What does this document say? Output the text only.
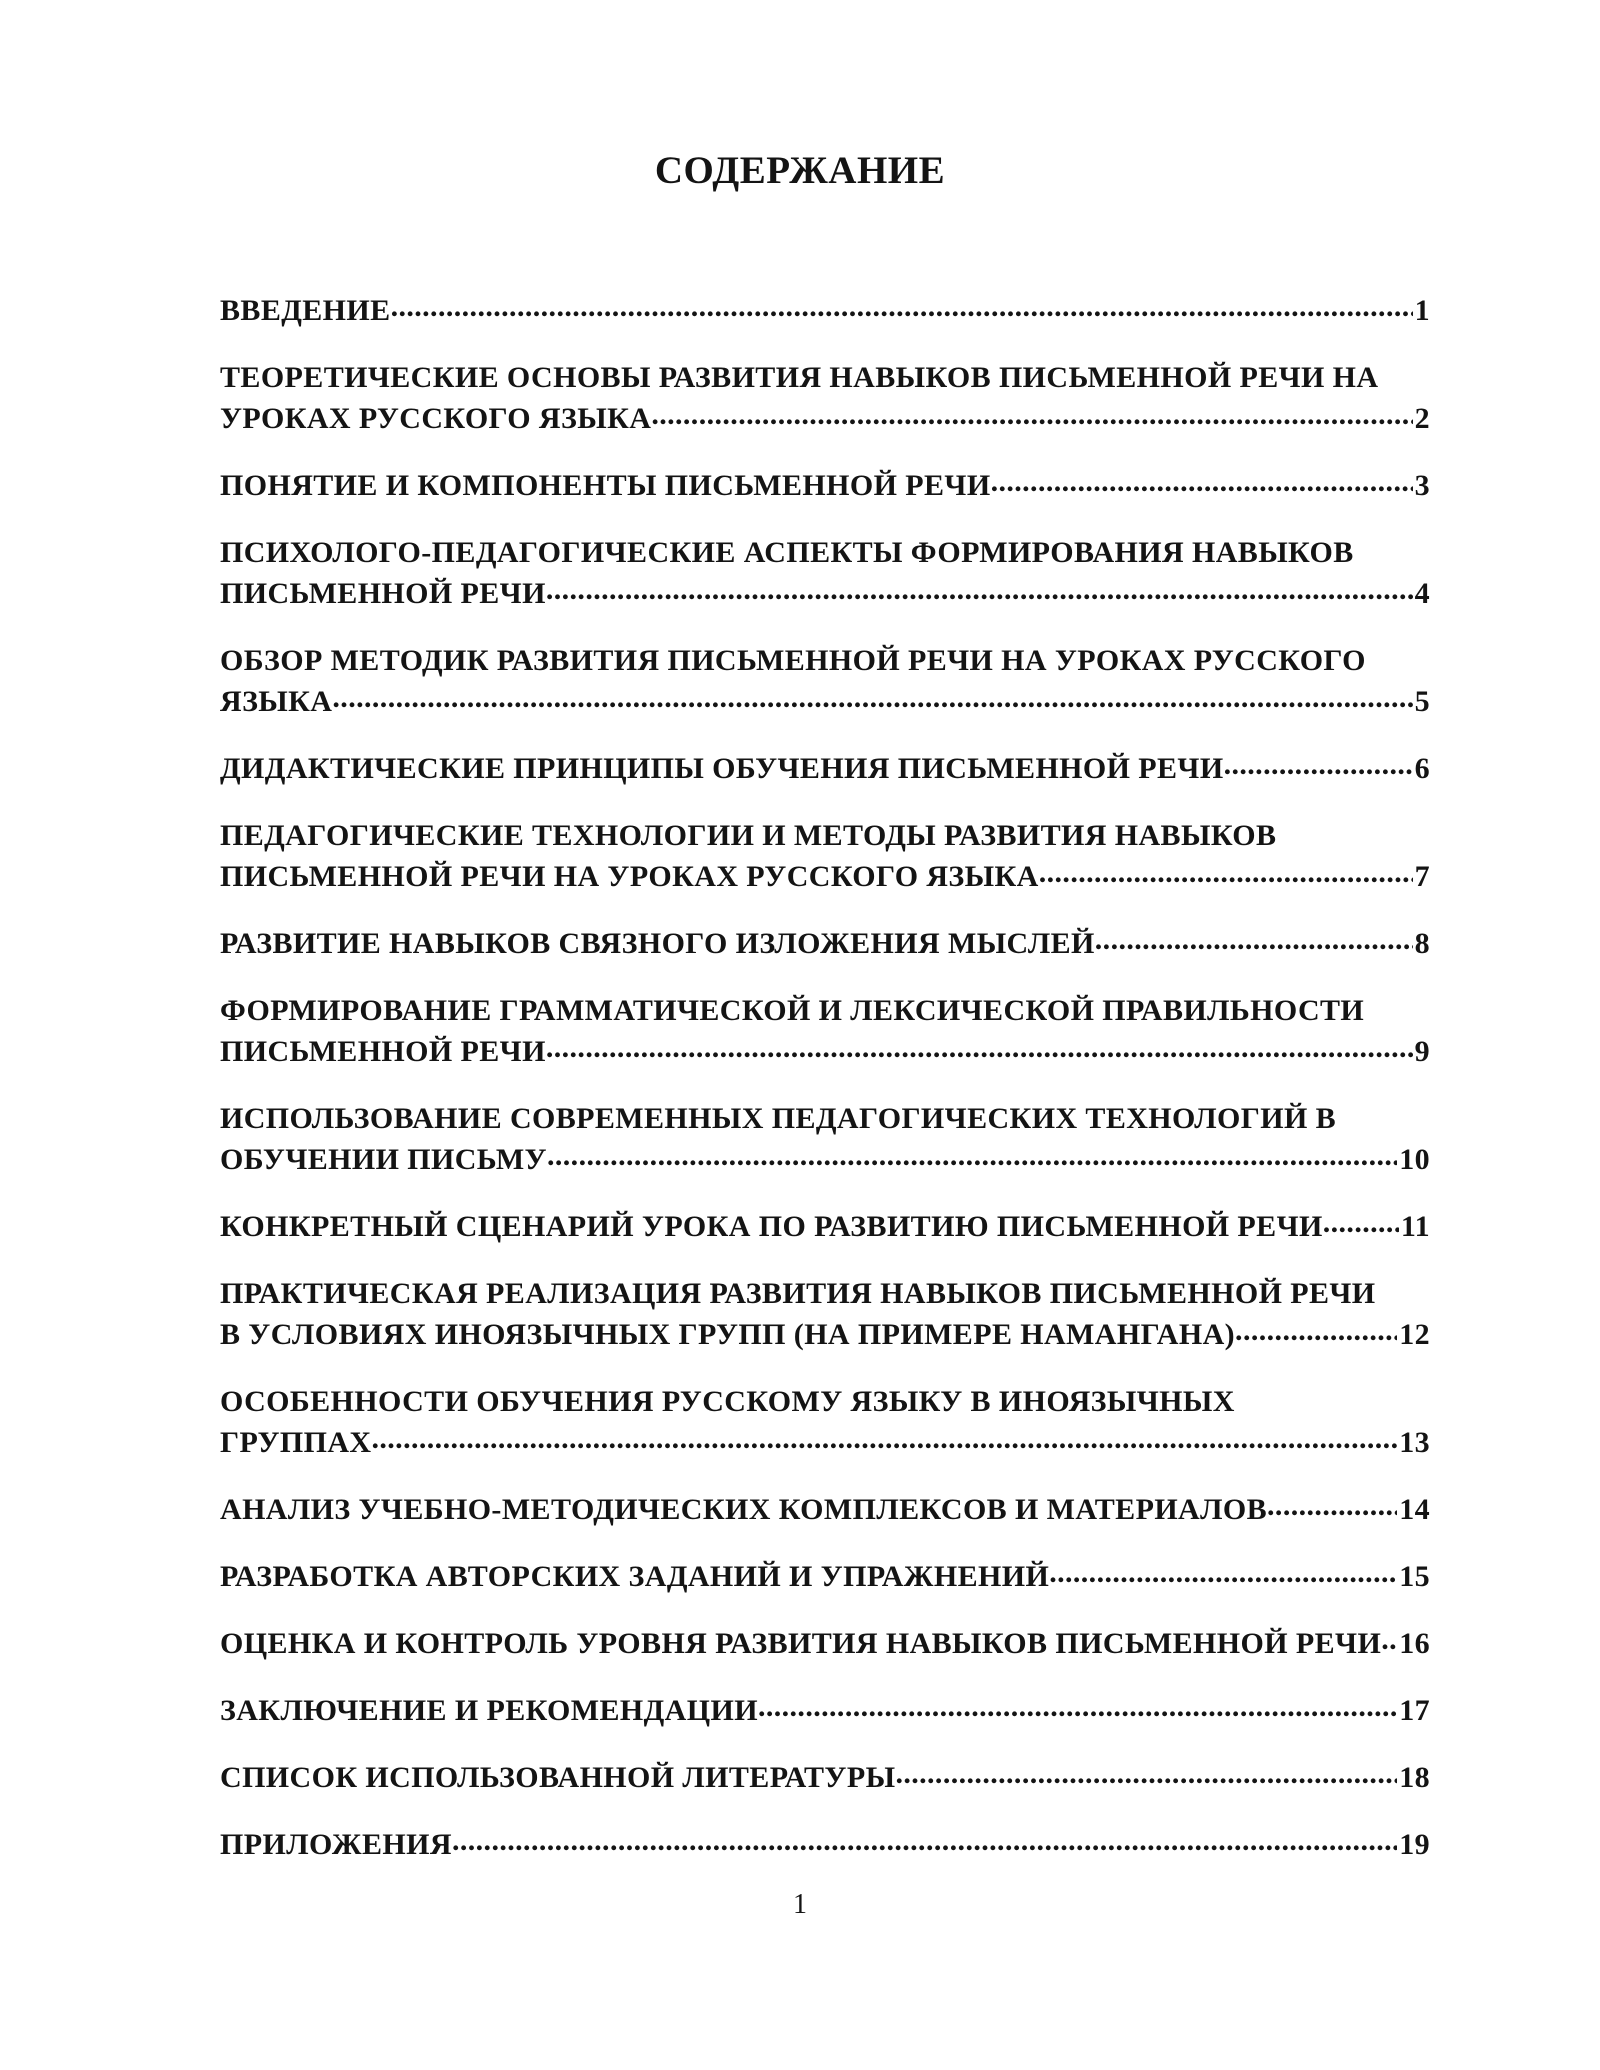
СОДЕРЖАНИЕ
ВВЕДЕНИЕ .....	1
ТЕОРЕТИЧЕСКИЕ ОСНОВЫ РАЗВИТИЯ НАВЫКОВ ПИСЬМЕННОЙ РЕЧИ НА УРОКАХ РУССКОГО ЯЗЫКА .....	2
ПОНЯТИЕ И КОМПОНЕНТЫ ПИСЬМЕННОЙ РЕЧИ .....	3
ПСИХОЛОГО-ПЕДАГОГИЧЕСКИЕ АСПЕКТЫ ФОРМИРОВАНИЯ НАВЫКОВ ПИСЬМЕННОЙ РЕЧИ .....	4
ОБЗОР МЕТОДИК РАЗВИТИЯ ПИСЬМЕННОЙ РЕЧИ НА УРОКАХ РУССКОГО ЯЗЫКА .....	5
ДИДАКТИЧЕСКИЕ ПРИНЦИПЫ ОБУЧЕНИЯ ПИСЬМЕННОЙ РЕЧИ .....	6
ПЕДАГОГИЧЕСКИЕ ТЕХНОЛОГИИ И МЕТОДЫ РАЗВИТИЯ НАВЫКОВ ПИСЬМЕННОЙ РЕЧИ НА УРОКАХ РУССКОГО ЯЗЫКА .....	7
РАЗВИТИЕ НАВЫКОВ СВЯЗНОГО ИЗЛОЖЕНИЯ МЫСЛЕЙ .....	8
ФОРМИРОВАНИЕ ГРАММАТИЧЕСКОЙ И ЛЕКСИЧЕСКОЙ ПРАВИЛЬНОСТИ ПИСЬМЕННОЙ РЕЧИ .....	9
ИСПОЛЬЗОВАНИЕ СОВРЕМЕННЫХ ПЕДАГОГИЧЕСКИХ ТЕХНОЛОГИЙ В ОБУЧЕНИИ ПИСЬМУ .....	10
КОНКРЕТНЫЙ СЦЕНАРИЙ УРОКА ПО РАЗВИТИЮ ПИСЬМЕННОЙ РЕЧИ .....	11
ПРАКТИЧЕСКАЯ РЕАЛИЗАЦИЯ РАЗВИТИЯ НАВЫКОВ ПИСЬМЕННОЙ РЕЧИ В УСЛОВИЯХ ИНОЯЗЫЧНЫХ ГРУПП (НА ПРИМЕРЕ НАМАНГАНА) .....	12
ОСОБЕННОСТИ ОБУЧЕНИЯ РУССКОМУ ЯЗЫКУ В ИНОЯЗЫЧНЫХ ГРУППАХ .....	13
АНАЛИЗ УЧЕБНО-МЕТОДИЧЕСКИХ КОМПЛЕКСОВ И МАТЕРИАЛОВ .....	14
РАЗРАБОТКА АВТОРСКИХ ЗАДАНИЙ И УПРАЖНЕНИЙ .....	15
ОЦЕНКА И КОНТРОЛЬ УРОВНЯ РАЗВИТИЯ НАВЫКОВ ПИСЬМЕННОЙ РЕЧИ ..... 16
ЗАКЛЮЧЕНИЕ И РЕКОМЕНДАЦИИ .....	17
СПИСОК ИСПОЛЬЗОВАННОЙ ЛИТЕРАТУРЫ .....	18
ПРИЛОЖЕНИЯ .....	19
1
